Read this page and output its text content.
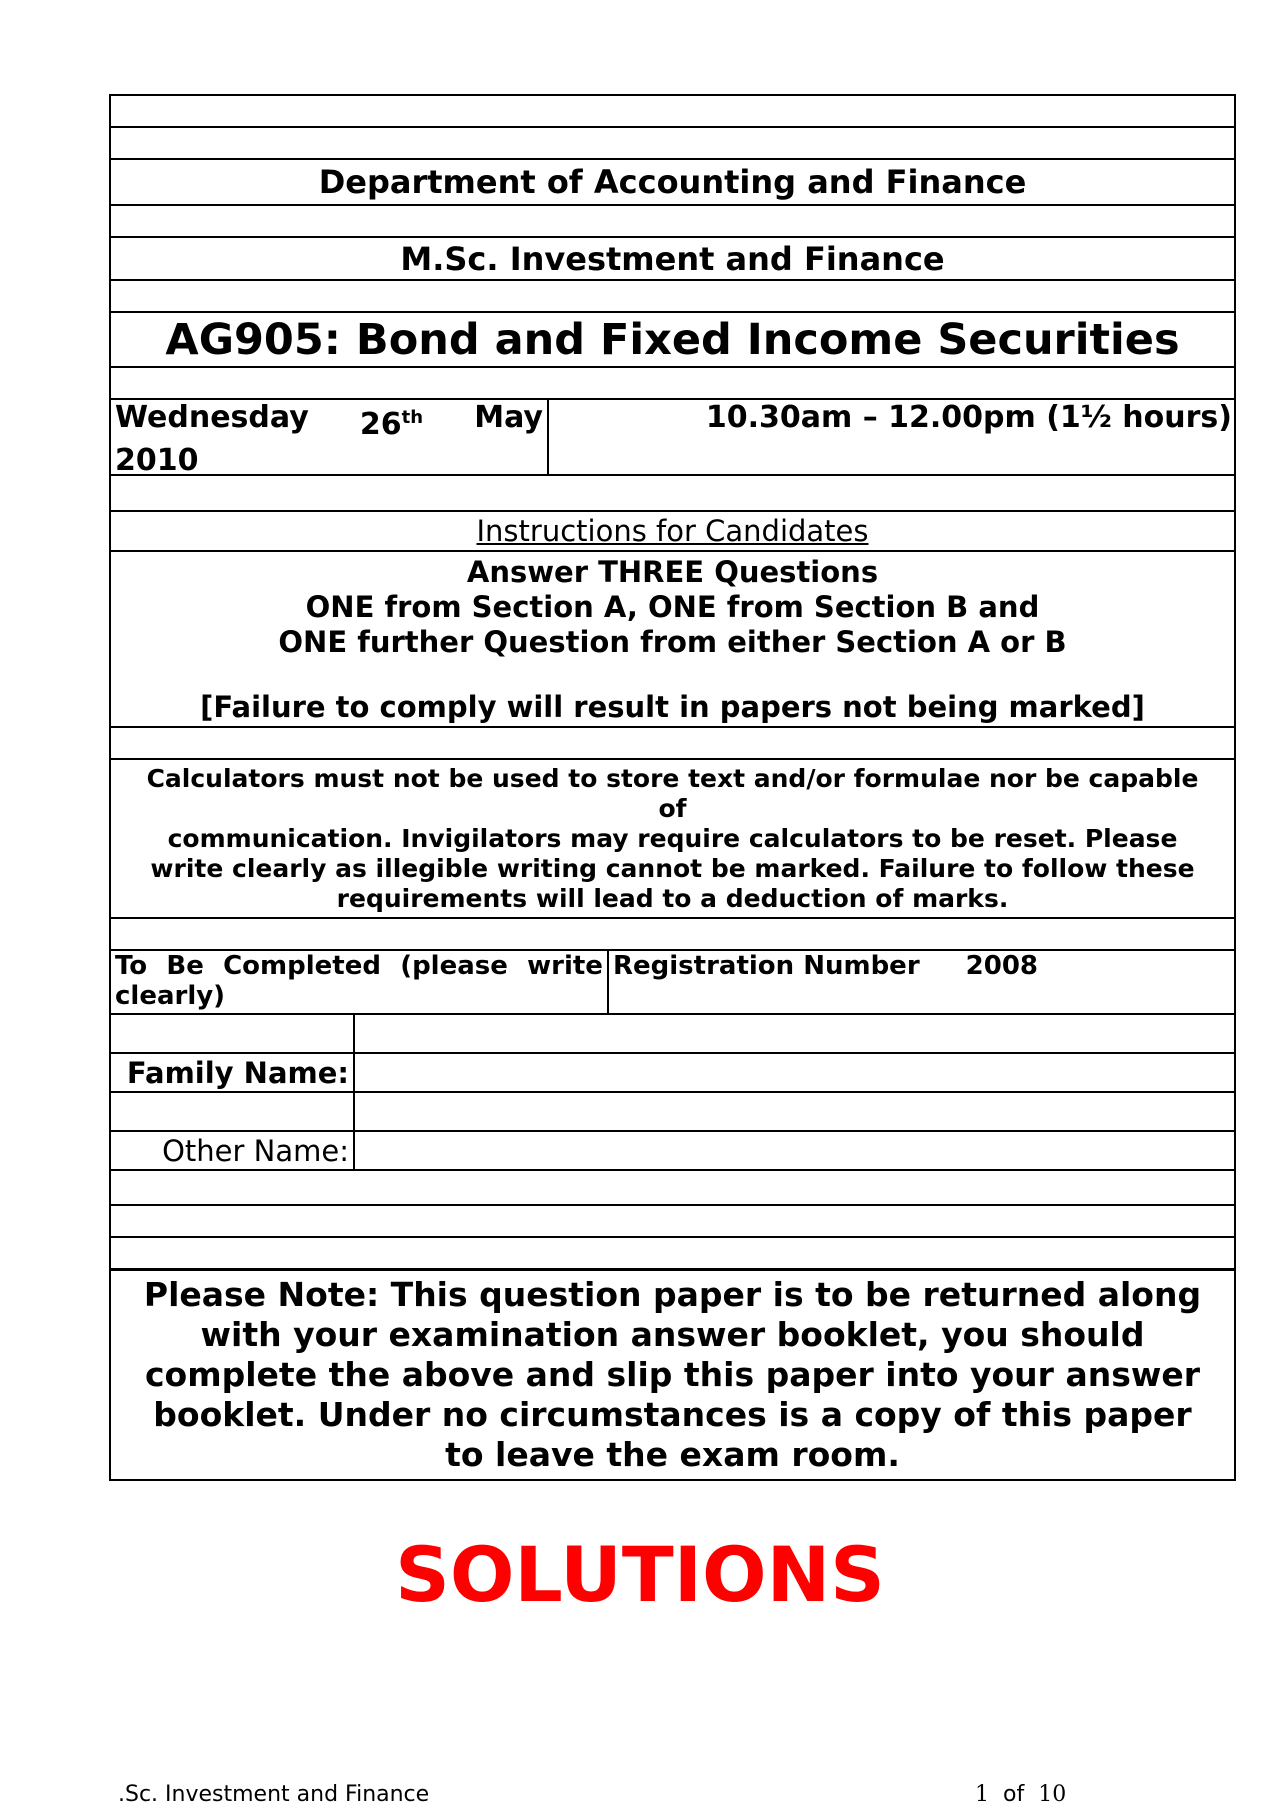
Department of Accounting and Finance
M.Sc. Investment and Finance
AG905: Bond and Fixed Income Securities
Wednesday 26th May
2010
10.30am – 12.00pm (1½ hours)
Instructions for Candidates
Answer THREE Questions
ONE from Section A, ONE from Section B and
ONE further Question from either Section A or B
[Failure to comply will result in papers not being marked]
Calculators must not be used to store text and/or formulae nor be capable
of
communication. Invigilators may require calculators to be reset. Please
write clearly as illegible writing cannot be marked. Failure to follow these
requirements will lead to a deduction of marks.
To Be Completed (please write
clearly)
Registration Number 2008
Family Name:
Other Name:
Please Note: This question paper is to be returned along
with your examination answer booklet, you should
complete the above and slip this paper into your answer
booklet. Under no circumstances is a copy of this paper
to leave the exam room.
SOLUTIONS
.Sc. Investment and Finance	1 of 10
